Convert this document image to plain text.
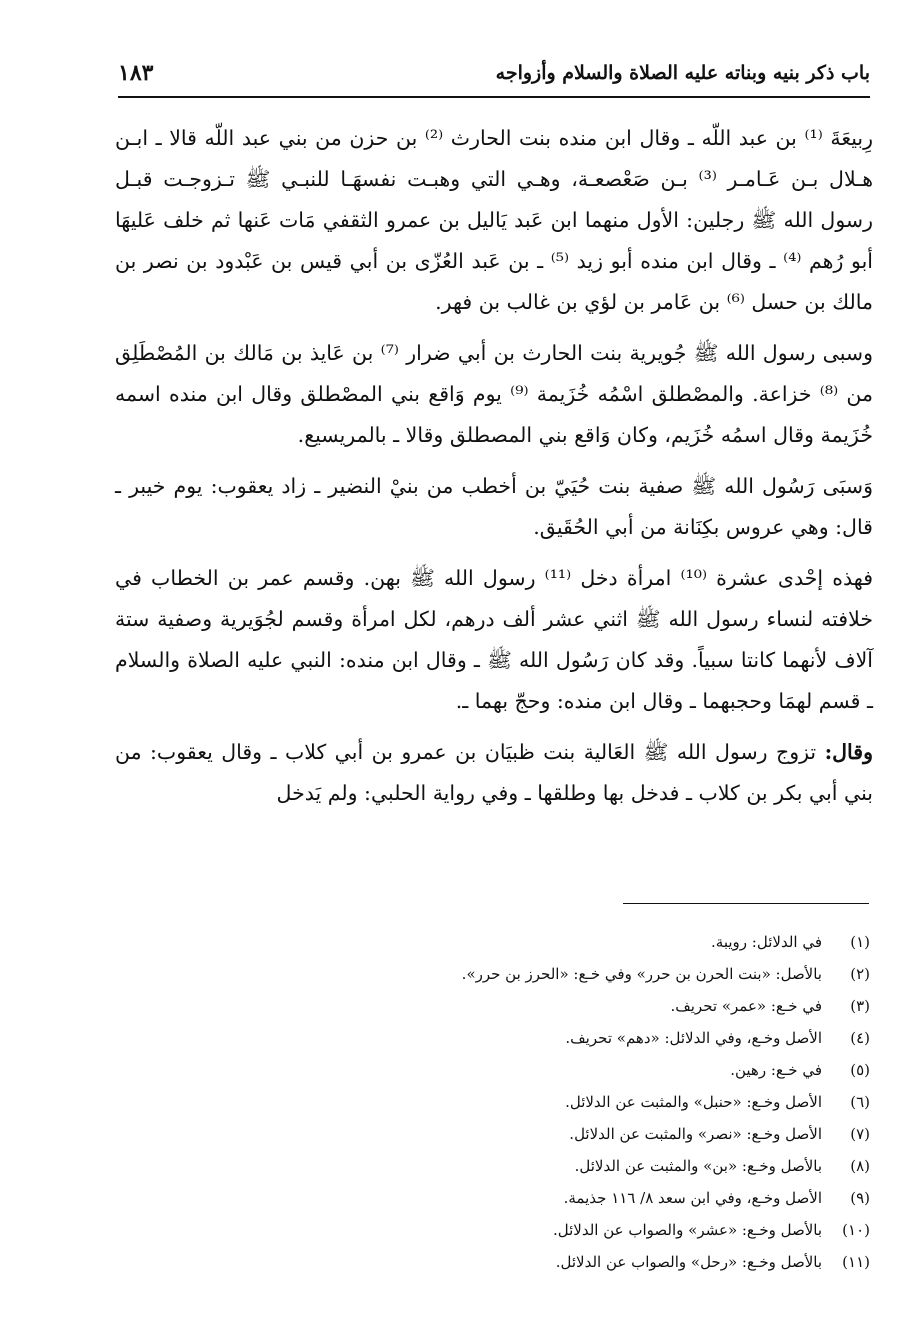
باب ذكر بنيه وبناته عليه الصلاة والسلام وأزواجه
١٨٣

رِبيعَةَ ⁽¹⁾ بن عبد اللّه ـ وقال ابن منده بنت الحارث ⁽²⁾ بن حزن من بني عبد اللّه قالا ـ ابـن هـلال بـن عَـامـر ⁽³⁾ بـن صَعْصعـة، وهـي التي وهبـت نفسهَـا للنبـي ﷺ تـزوجـت قبـل رسول الله ﷺ رجلين: الأول منهما ابن عَبد يَاليل بن عمرو الثقفي مَات عَنها ثم خلف عَليهَا أبو رُهم ⁽⁴⁾ ـ وقال ابن منده أبو زيد ⁽⁵⁾ ـ بن عَبد العُزّى بن أبي قيس بن عَبْدود بن نصر بن مالك بن حسل ⁽⁶⁾ بن عَامر بن لؤي بن غالب بن فهر.

وسبى رسول الله ﷺ جُويرية بنت الحارث بن أبي ضرار ⁽⁷⁾ بن عَايذ بن مَالك بن المُصْطَلِق من ⁽⁸⁾ خزاعة. والمصْطلق اسْمُه خُزَيمة ⁽⁹⁾ يوم وَاقع بني المصْطلق وقال ابن منده اسمه خُزَيمة وقال اسمُه خُزَيم، وكان وَاقع بني المصطلق وقالا ـ بالمريسيع.

وَسبَى رَسُول الله ﷺ صفية بنت حُيَيّ بن أخطب من بنيْ النضير ـ زاد يعقوب: يوم خيبر ـ قال: وهي عروس بكِنَانة من أبي الحُقَيق.

فهذه إحْدى عشرة ⁽¹⁰⁾ امرأة دخل ⁽¹¹⁾ رسول الله ﷺ بهن. وقسم عمر بن الخطاب في خلافته لنساء رسول الله ﷺ اثني عشر ألف درهم، لكل امرأة وقسم لجُوَيرية وصفية ستة آلاف لأنهما كانتا سبياً. وقد كان رَسُول الله ﷺ ـ وقال ابن منده: النبي عليه الصلاة والسلام ـ قسم لهمَا وحجبهما ـ وقال ابن منده: وحجّ بهما ـ.

وقال: تزوج رسول الله ﷺ العَالية بنت ظبيَان بن عمرو بن أبي كلاب ـ وقال يعقوب: من بني أبي بكر بن كلاب ـ فدخل بها وطلقها ـ وفي رواية الحلبي: ولم يَدخل

(١)في الدلائل: رويبة.
(٢)بالأصل: «بنت الحرن بن حرر» وفي خـع: «الحرز بن حرر».
(٣)في خـع: «عمر» تحريف.
(٤)الأصل وخـع، وفي الدلائل: «دهم» تحريف.
(٥)في خـع: رهين.
(٦)الأصل وخـع: «حنبل» والمثبت عن الدلائل.
(٧)الأصل وخـع: «نصر» والمثبت عن الدلائل.
(٨)بالأصل وخـع: «بن» والمثبت عن الدلائل.
(٩)الأصل وخـع، وفي ابن سعد ٨/ ١١٦ جذيمة.
(١٠)بالأصل وخـع: «عشر» والصواب عن الدلائل.
(١١)بالأصل وخـع: «رحل» والصواب عن الدلائل.
